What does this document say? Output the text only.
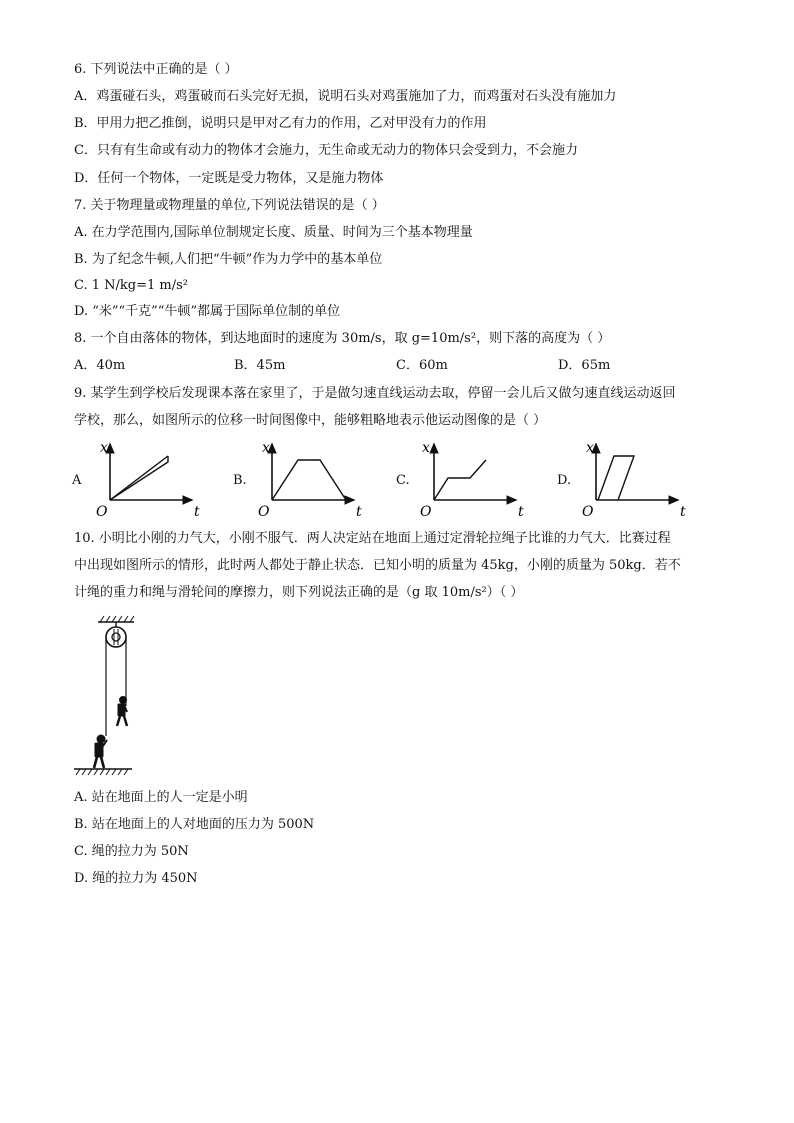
6. 下列说法中正确的是（ ）
A．鸡蛋碰石头，鸡蛋破而石头完好无损，说明石头对鸡蛋施加了力，而鸡蛋对石头没有施加力
B．甲用力把乙推倒，说明只是甲对乙有力的作用，乙对甲没有力的作用
C．只有有生命或有动力的物体才会施力，无生命或无动力的物体只会受到力，不会施力
D．任何一个物体，一定既是受力物体，又是施力物体
7. 关于物理量或物理量的单位,下列说法错误的是（ ）
A. 在力学范围内,国际单位制规定长度、质量、时间为三个基本物理量
B. 为了纪念牛顿,人们把“牛顿”作为力学中的基本单位
C. 1 N/kg=1 m/s²
D. “米”“千克”“牛顿”都属于国际单位制的单位
8. 一个自由落体的物体，到达地面时的速度为 30m/s，取 g=10m/s²，则下落的高度为（ ）
A．40m	B．45m	C．60m	D．65m
9. 某学生到学校后发现课本落在家里了，于是做匀速直线运动去取，停留一会儿后又做匀速直线运动返回
学校，那么，如图所示的位移一时间图像中，能够粗略地表示他运动图像的是（ ）
A
x
O	t
B.
x
O	t
C.
x
O	t
D.
x
O	t
10. 小明比小刚的力气大，小刚不服气．两人决定站在地面上通过定滑轮拉绳子比谁的力气大．比赛过程
中出现如图所示的情形，此时两人都处于静止状态．已知小明的质量为 45kg，小刚的质量为 50kg．若不
计绳的重力和绳与滑轮间的摩擦力，则下列说法正确的是（g 取 10m/s²）（ ）
A. 站在地面上的人一定是小明
B. 站在地面上的人对地面的压力为 500N
C. 绳的拉力为 50N
D. 绳的拉力为 450N
